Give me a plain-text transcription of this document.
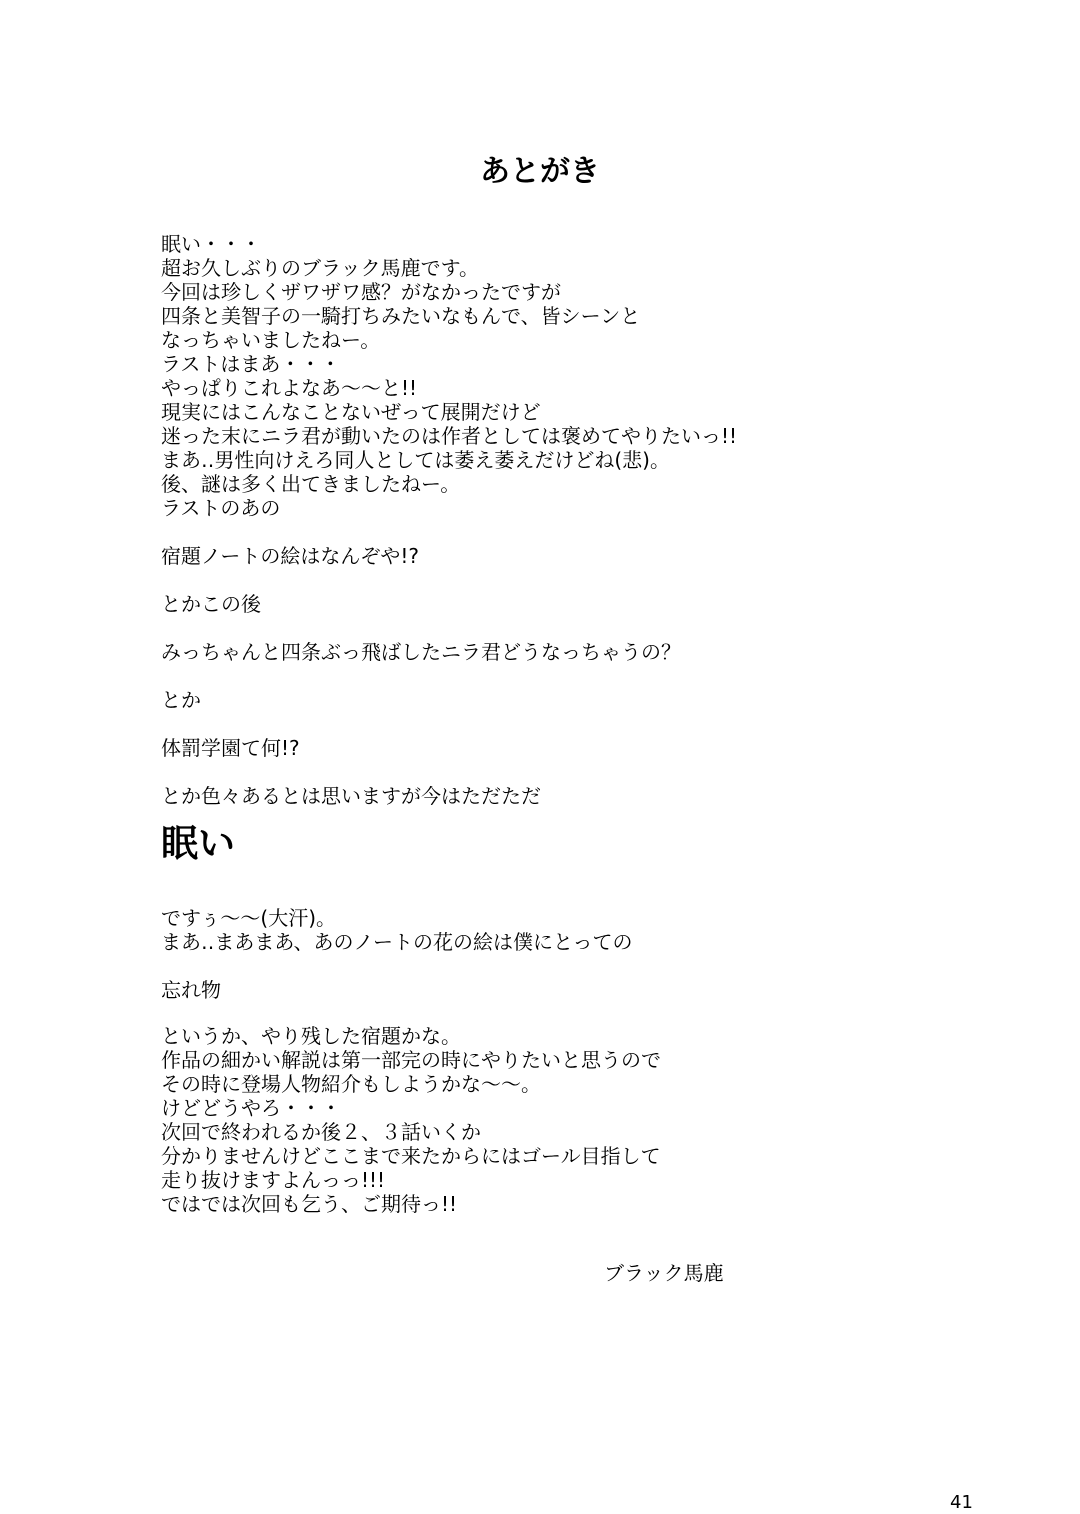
あとがき
眠い・・・
超お久しぶりのブラック馬鹿です。
今回は珍しくザワザワ感？がなかったですが
四条と美智子の一騎打ちみたいなもんで、皆シーンと
なっちゃいましたねー。
ラストはまあ・・・
やっぱりこれよなあ～～と!!
現実にはこんなことないぜって展開だけど
迷った末にニラ君が動いたのは作者としては褒めてやりたいっ!!
まあ‥男性向けえろ同人としては萎え萎えだけどね(悲)。
後、謎は多く出てきましたねー。
ラストのあの
宿題ノートの絵はなんぞや!?
とかこの後
みっちゃんと四条ぶっ飛ばしたニラ君どうなっちゃうの？
とか
体罰学園て何!?
とか色々あるとは思いますが今はただただ
眠い
ですぅ～～(大汗)。
まあ‥まあまあ、あのノートの花の絵は僕にとっての
忘れ物
というか、やり残した宿題かな。
作品の細かい解説は第一部完の時にやりたいと思うので
その時に登場人物紹介もしようかな～～。
けどどうやろ・・・
次回で終われるか後２、３話いくか
分かりませんけどここまで来たからにはゴール目指して
走り抜けますよんっっ!!!
ではでは次回も乞う、ご期待っ!!
ブラック馬鹿
41
